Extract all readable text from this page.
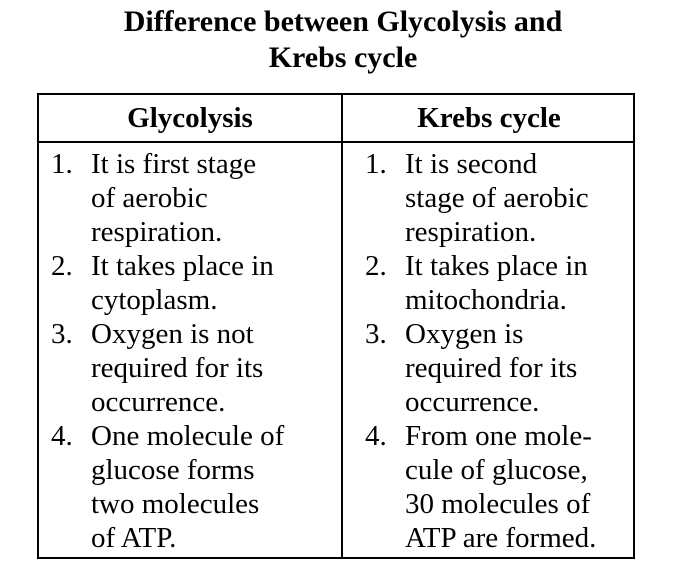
Difference between Glycolysis and
Krebs cycle
Glycolysis	Krebs cycle
1. It is first stage
of aerobic
respiration.
2. It takes place in
cytoplasm.
3. Oxygen is not
required for its
occurrence.
4. One molecule of
glucose forms
two molecules
of ATP.
1. It is second
stage of aerobic
respiration.
2. It takes place in
mitochondria.
3. Oxygen is
required for its
occurrence.
4. From one mole-
cule of glucose,
30 molecules of
ATP are formed.
